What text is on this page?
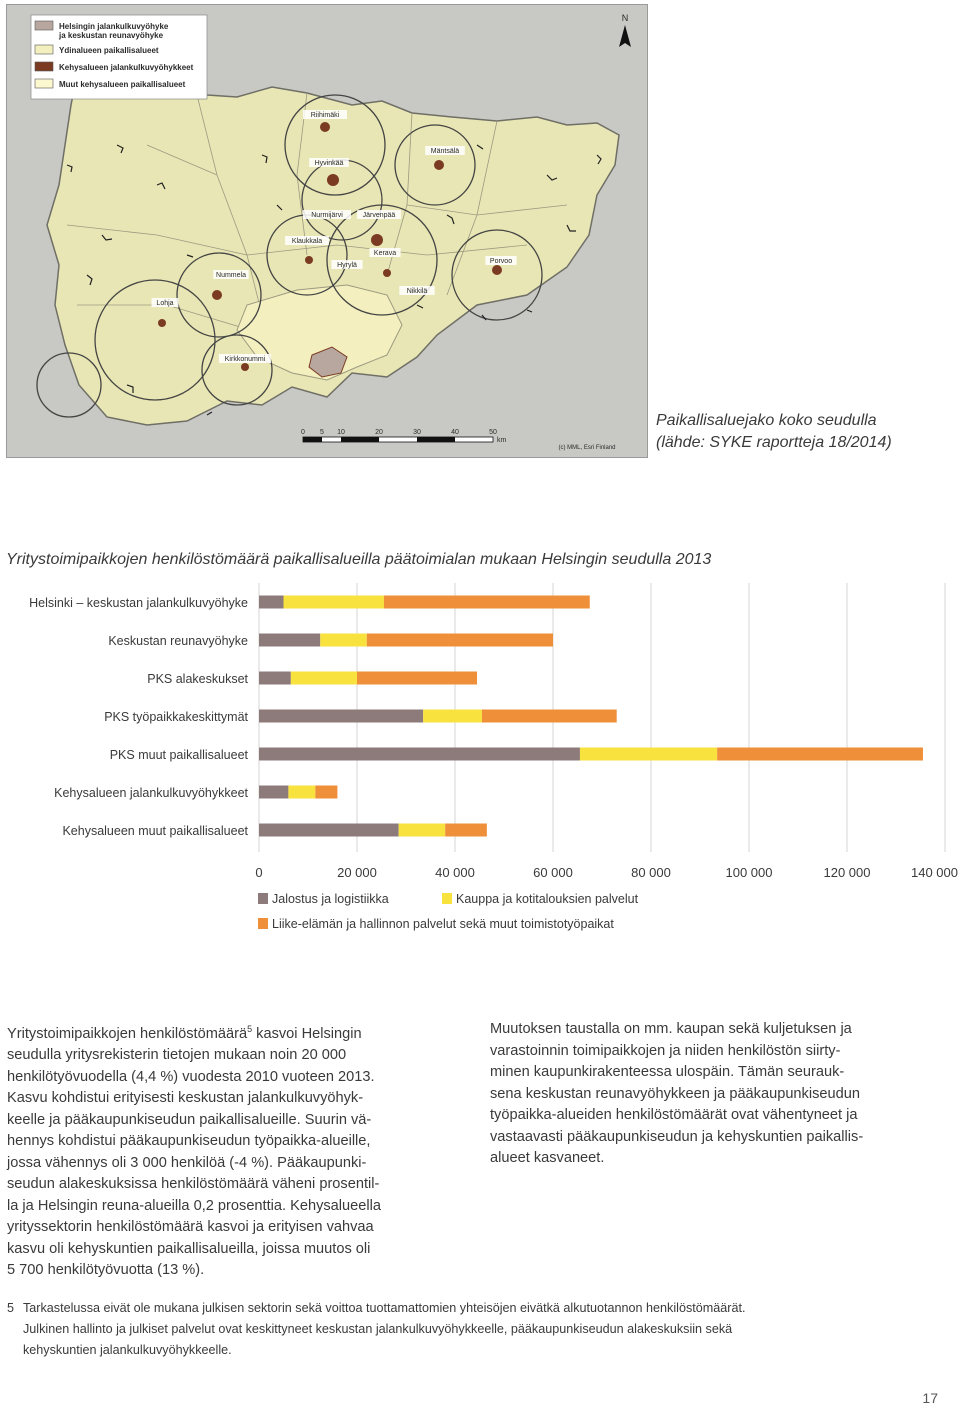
Helsingin jalankulkuvyöhyke
ja keskustan reunavyöhyke
Ydinalueen paikallisalueet
Kehysalueen jalankulkuvyöhykkeet
Muut kehysalueen paikallisalueet
N
0 5 10	20	30	40	50
km
Riihimäki
Mäntsälä
Hyvinkää
Nurmijärvi	Järvenpää
Klaukkala
Kerava
Porvoo
Hyrylä
Nummela
Nikkilä
Lohja
Kirkkonummi
(c) MML, Esri Finland
Paikallisaluejako koko seudulla
(lähde: SYKE raportteja 18/2014)
Yritystoimipaikkojen henkilöstömäärä paikallisalueilla päätoimialan mukaan Helsingin seudulla 2013
Helsinki – keskustan jalankulkuvyöhyke
Keskustan reunavyöhyke
PKS alakeskukset
PKS työpaikkakeskittymät
PKS muut paikallisalueet
Kehysalueen jalankulkuvyöhykkeet
Kehysalueen muut paikallisalueet
0	20 000	40 000	60 000	80 000	100 000	120 000	140 000
Jalostus ja logistiikka	Kauppa ja kotitalouksien palvelut
Liike-elämän ja hallinnon palvelut sekä muut toimistotyöpaikat
Yritystoimipaikkojen henkilöstömäärä$^5$ kasvoi Helsingin
seudulla yritysrekisterin tietojen mukaan noin 20 000
henkilötyövuodella (4,4 %) vuodesta 2010 vuoteen 2013.
Kasvu kohdistui erityisesti keskustan jalankulkuvyöhyk-
keelle ja pääkaupunkiseudun paikallisalueille. Suurin vä-
hennys kohdistui pääkaupunkiseudun työpaikka-alueille,
jossa vähennys oli 3 000 henkilöä (-4 %). Pääkaupunki-
seudun alakeskuksissa henkilöstömäärä väheni prosentil-
la ja Helsingin reuna-alueilla 0,2 prosenttia. Kehysalueella
yrityssektorin henkilöstömäärä kasvoi ja erityisen vahvaa
kasvu oli kehyskuntien paikallisalueilla, joissa muutos oli
5 700 henkilötyövuotta (13 %).
Muutoksen taustalla on mm. kaupan sekä kuljetuksen ja
varastoinnin toimipaikkojen ja niiden henkilöstön siirty-
minen kaupunkirakenteessa ulospäin. Tämän seurauk-
sena keskustan reunavyöhykkeen ja pääkaupunkiseudun
työpaikka-alueiden henkilöstömäärät ovat vähentyneet ja
vastaavasti pääkaupunkiseudun ja kehyskuntien paikallis-
alueet kasvaneet.
5 Tarkastelussa eivät ole mukana julkisen sektorin sekä voittoa tuottamattomien yhteisöjen eivätkä alkutuotannon henkilöstömäärät.
Julkinen hallinto ja julkiset palvelut ovat keskittyneet keskustan jalankulkuvyöhykkeelle, pääkaupunkiseudun alakeskuksiin sekä
kehyskuntien jalankulkuvyöhykkeelle.
17
